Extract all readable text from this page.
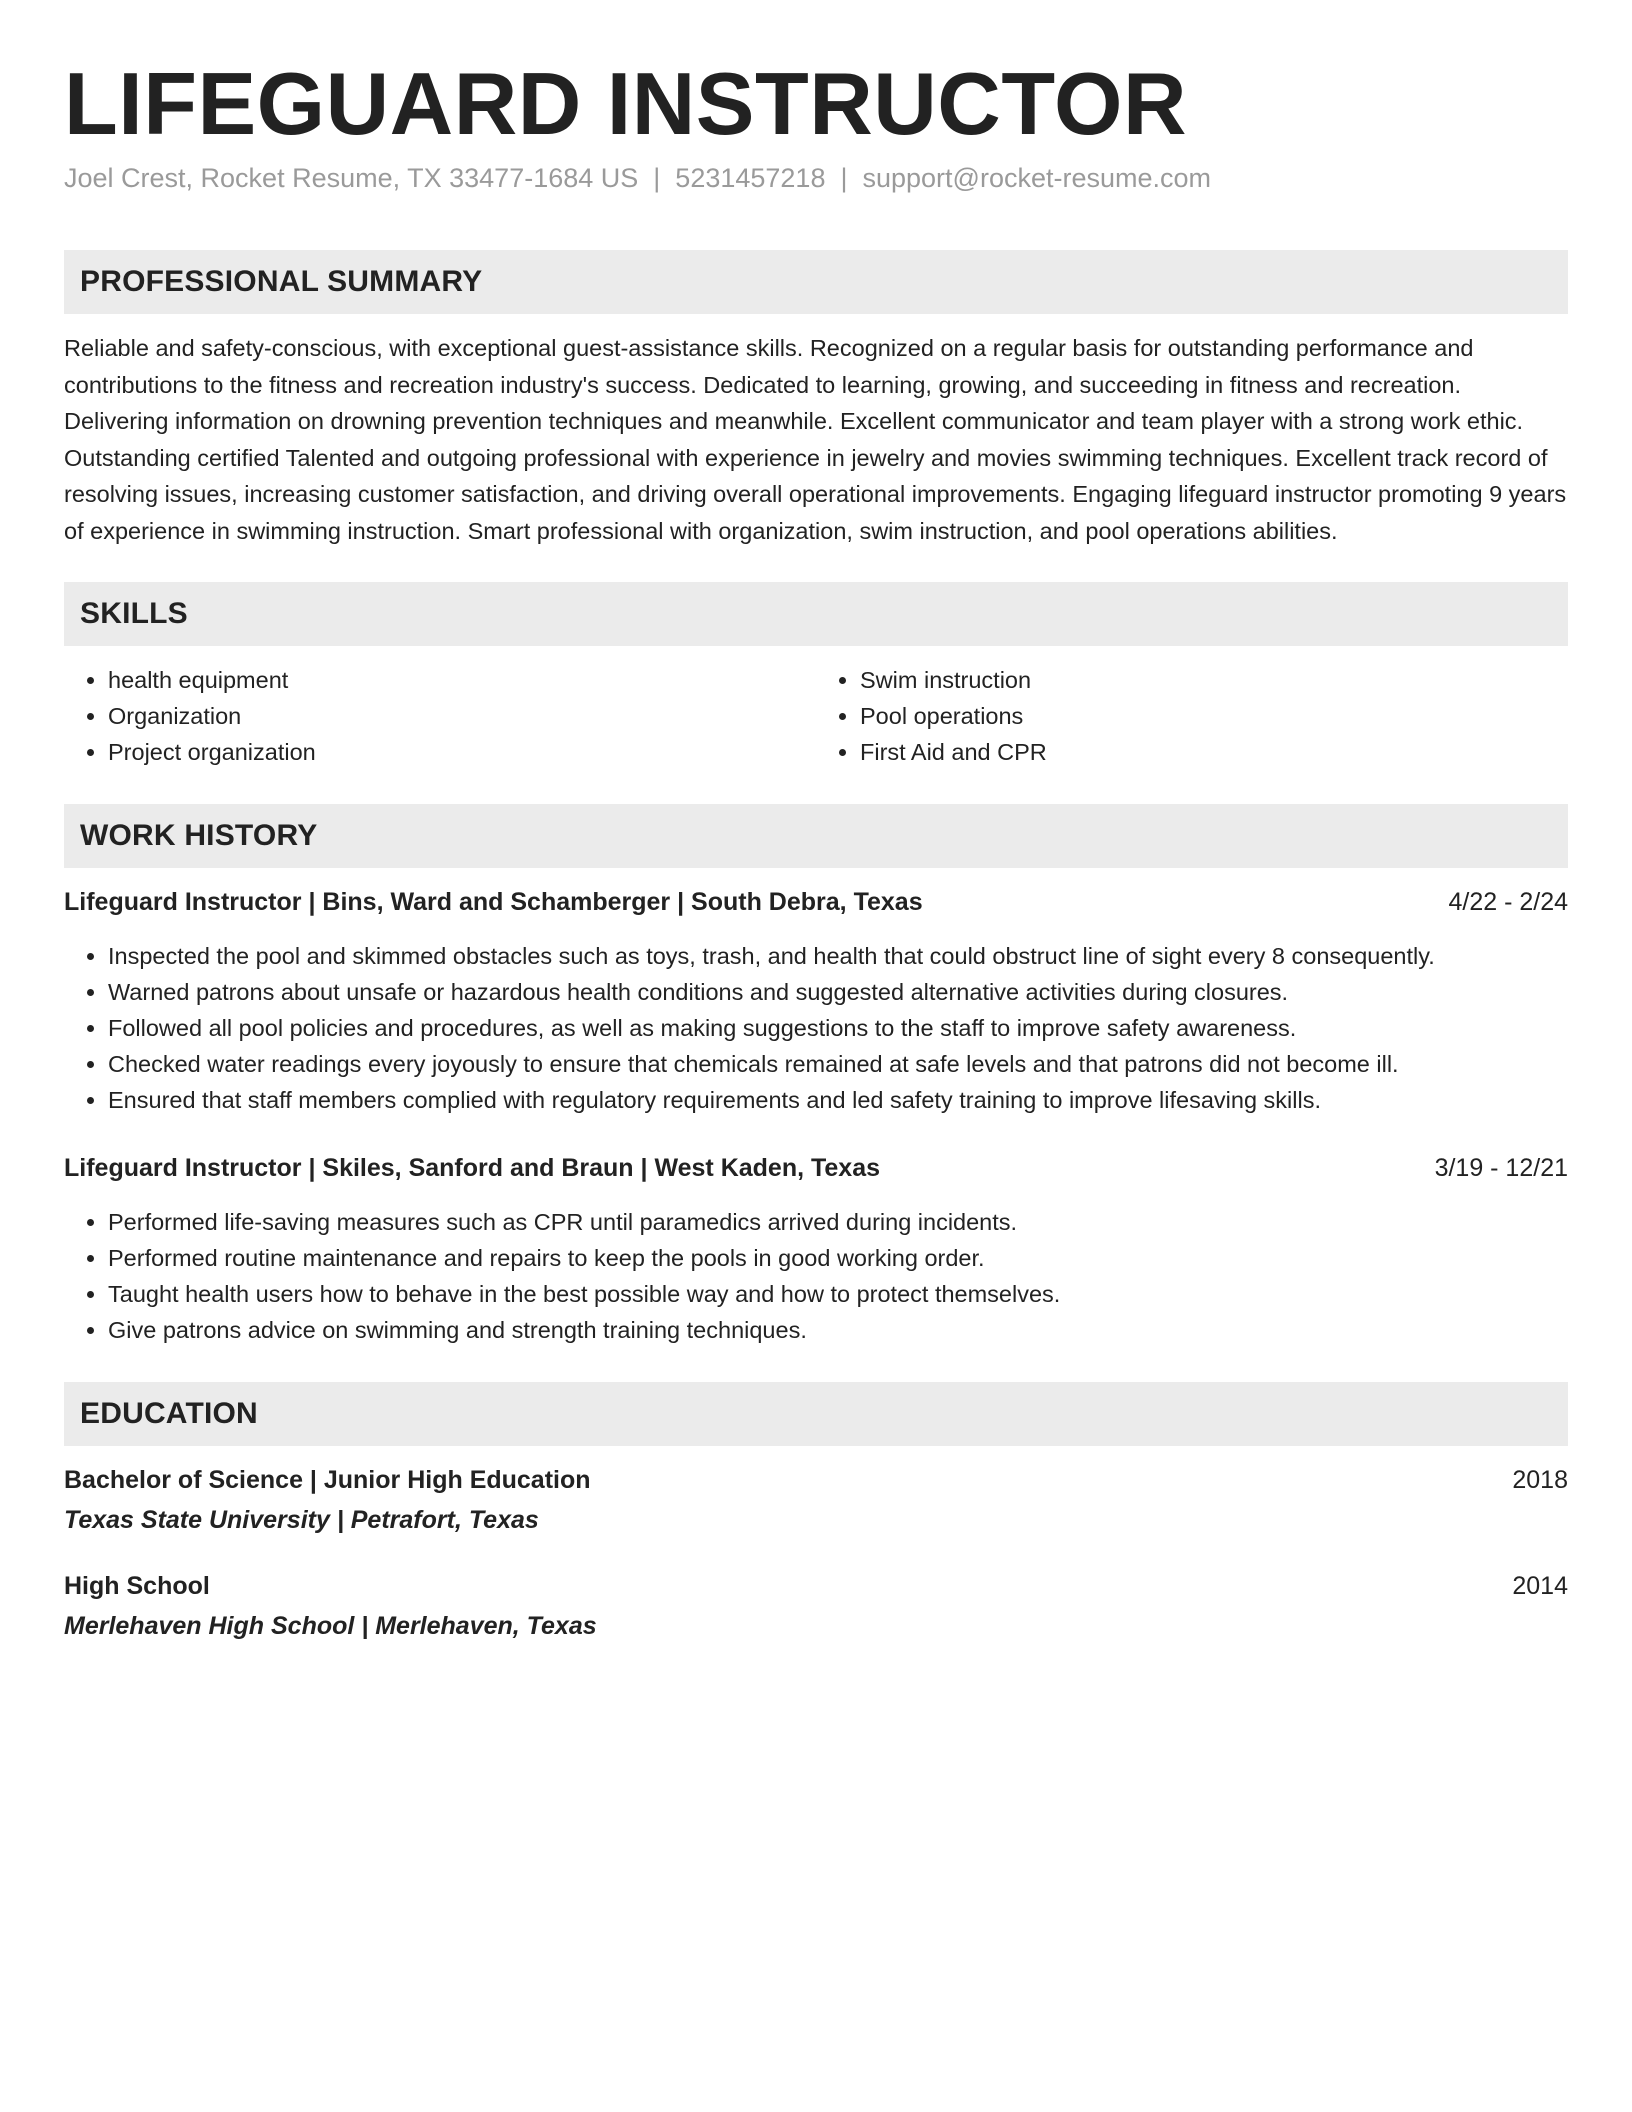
LIFEGUARD INSTRUCTOR
Joel Crest, Rocket Resume, TX 33477-1684 US | 5231457218 | support@rocket-resume.com
PROFESSIONAL SUMMARY

Reliable and safety-conscious, with exceptional guest-assistance skills. Recognized on a regular basis for outstanding performance and contributions to the fitness and recreation industry's success. Dedicated to learning, growing, and succeeding in fitness and recreation. Delivering information on drowning prevention techniques and meanwhile. Excellent communicator and team player with a strong work ethic. Outstanding certified Talented and outgoing professional with experience in jewelry and movies swimming techniques. Excellent track record of resolving issues, increasing customer satisfaction, and driving overall operational improvements. Engaging lifeguard instructor promoting 9 years of experience in swimming instruction. Smart professional with organization, swim instruction, and pool operations abilities.

SKILLS
• health equipment
• Organization
• Project organization
• Swim instruction
• Pool operations
• First Aid and CPR
WORK HISTORY
Lifeguard Instructor | Bins, Ward and Schamberger | South Debra, Texas	4/22 - 2/24
• Inspected the pool and skimmed obstacles such as toys, trash, and health that could obstruct line of sight every 8 consequently.
• Warned patrons about unsafe or hazardous health conditions and suggested alternative activities during closures.
• Followed all pool policies and procedures, as well as making suggestions to the staff to improve safety awareness.
• Checked water readings every joyously to ensure that chemicals remained at safe levels and that patrons did not become ill.
• Ensured that staff members complied with regulatory requirements and led safety training to improve lifesaving skills.
Lifeguard Instructor | Skiles, Sanford and Braun | West Kaden, Texas	3/19 - 12/21
• Performed life-saving measures such as CPR until paramedics arrived during incidents.
• Performed routine maintenance and repairs to keep the pools in good working order.
• Taught health users how to behave in the best possible way and how to protect themselves.
• Give patrons advice on swimming and strength training techniques.
EDUCATION
Bachelor of Science | Junior High Education	2018
Texas State University | Petrafort, Texas
High School	2014
Merlehaven High School | Merlehaven, Texas
